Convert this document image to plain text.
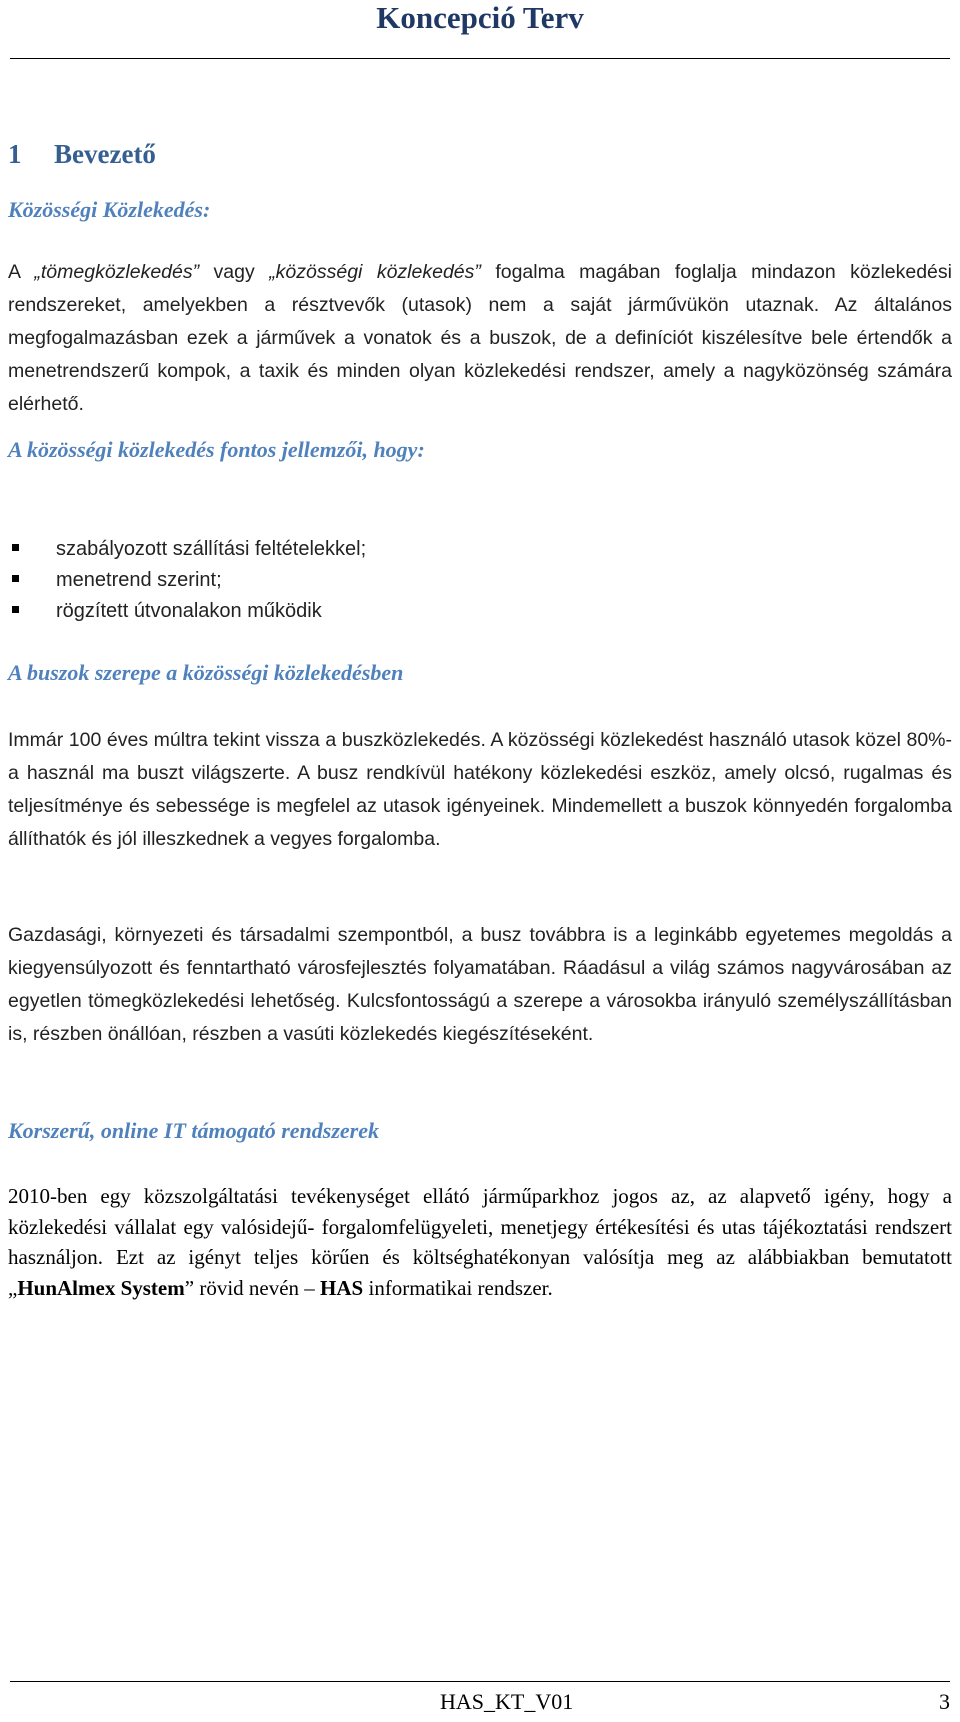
Koncepció Terv
1 Bevezető
Közösségi Közlekedés:

A „tömegközlekedés” vagy „közösségi közlekedés” fogalma magában foglalja mindazon közlekedési rendszereket, amelyekben a résztvevők (utasok) nem a saját járművükön utaznak. Az általános megfogalmazásban ezek a járművek a vonatok és a buszok, de a definíciót kiszélesítve bele értendők a menetrendszerű kompok, a taxik és minden olyan közlekedési rendszer, amely a nagyközönség számára elérhető.

A közösségi közlekedés fontos jellemzői, hogy:
szabályozott szállítási feltételekkel;
menetrend szerint;
rögzített útvonalakon működik
A buszok szerepe a közösségi közlekedésben

Immár 100 éves múltra tekint vissza a buszközlekedés. A közösségi közlekedést használó utasok közel 80%-a használ ma buszt világszerte. A busz rendkívül hatékony közlekedési eszköz, amely olcsó, rugalmas és teljesítménye és sebessége is megfelel az utasok igényeinek. Mindemellett a buszok könnyedén forgalomba állíthatók és jól illeszkednek a vegyes forgalomba.

Gazdasági, környezeti és társadalmi szempontból, a busz továbbra is a leginkább egyetemes megoldás a kiegyensúlyozott és fenntartható városfejlesztés folyamatában. Ráadásul a világ számos nagyvárosában az egyetlen tömegközlekedési lehetőség. Kulcsfontosságú a szerepe a városokba irányuló személyszállításban is, részben önállóan, részben a vasúti közlekedés kiegészítéseként.

Korszerű, online IT támogató rendszerek

2010-ben egy közszolgáltatási tevékenységet ellátó járműparkhoz jogos az, az alapvető igény, hogy a közlekedési vállalat egy valósidejű- forgalomfelügyeleti, menetjegy értékesítési és utas tájékoztatási rendszert használjon. Ezt az igényt teljes körűen és költséghatékonyan valósítja meg az alábbiakban bemutatott „HunAlmex System” rövid nevén – HAS informatikai rendszer.

HAS_KT_V01	3
